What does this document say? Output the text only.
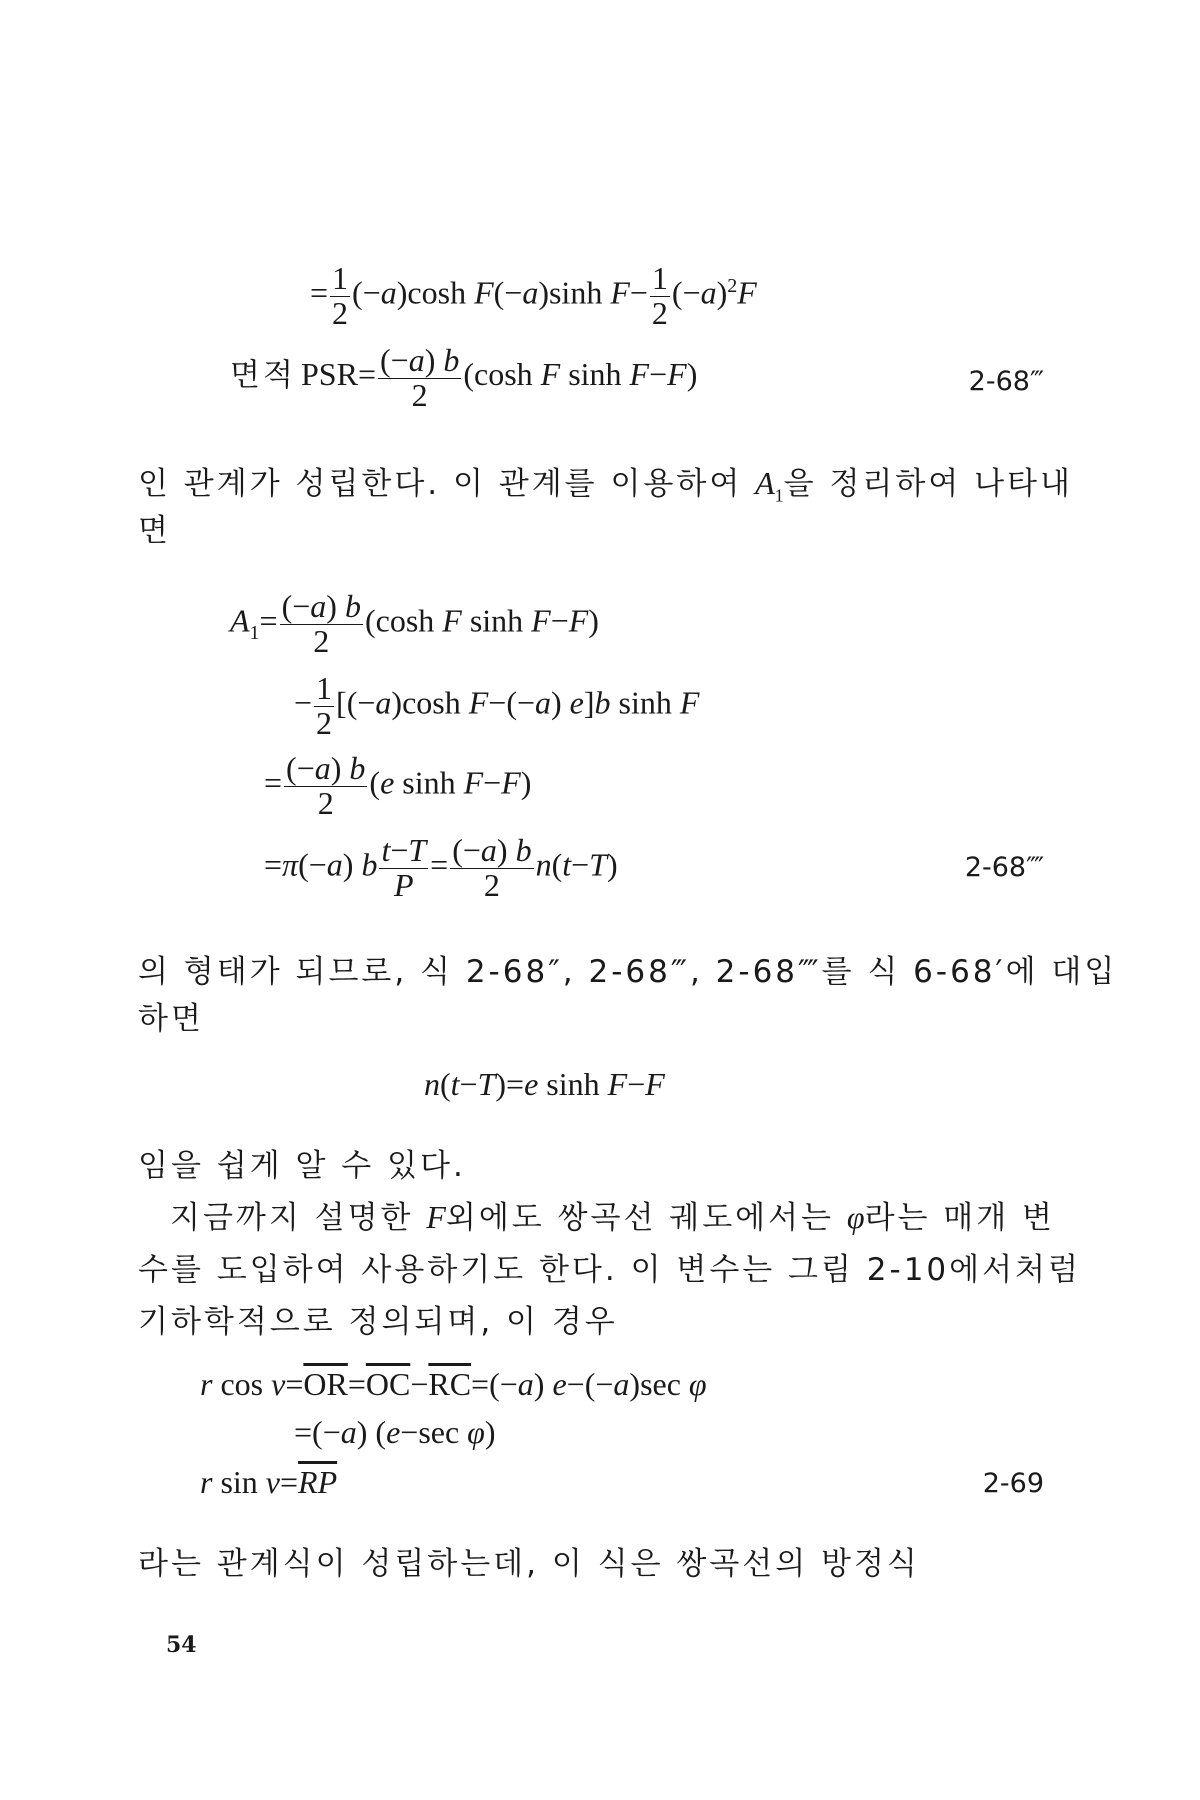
= $\frac{1}{2} (-a)\cosh$ F(−a)sinh $F- \frac{1}{2} (-a)^2F$
면적 $PSR= \frac{(-a) b}{2} (\cosh$ F sinh F−F)	2-68‴
인 관계가 성립한다. 이 관계를 이용하여 $A_1$을 정리하여 나타내
면
$A_1= \frac{(-a) b}{2} (\cosh$ F sinh F−F)
− $\frac{1}{2} [(-a)\cosh$ F−(−a) e]b sinh F
= $\frac{(-a) b}{2} (e$ sinh F−F)
=π(−a) b $\frac{t-T}{P} = \frac{(-a) b}{2} n(t-T)$	2-68⁗
의 형태가 되므로, 식 2-68″, 2-68‴, 2-68⁗를 식 6-68′에 대입
하면
n(t−T)=e sinh F−F
임을 쉽게 알 수 있다.
지금까지 설명한 F외에도 쌍곡선 궤도에서는 φ라는 매개 변
수를 도입하여 사용하기도 한다. 이 변수는 그림 2-10에서처럼
기하학적으로 정의되며, 이 경우
r $\cos \nu=\overline{OR}=\overline{OC}-\overline{RC}=(-a)$ e−(−a)sec φ
=(−a) (e−sec φ)
r $\sin \nu=\overline{RP}$	2-69
라는 관계식이 성립하는데, 이 식은 쌍곡선의 방정식
54
